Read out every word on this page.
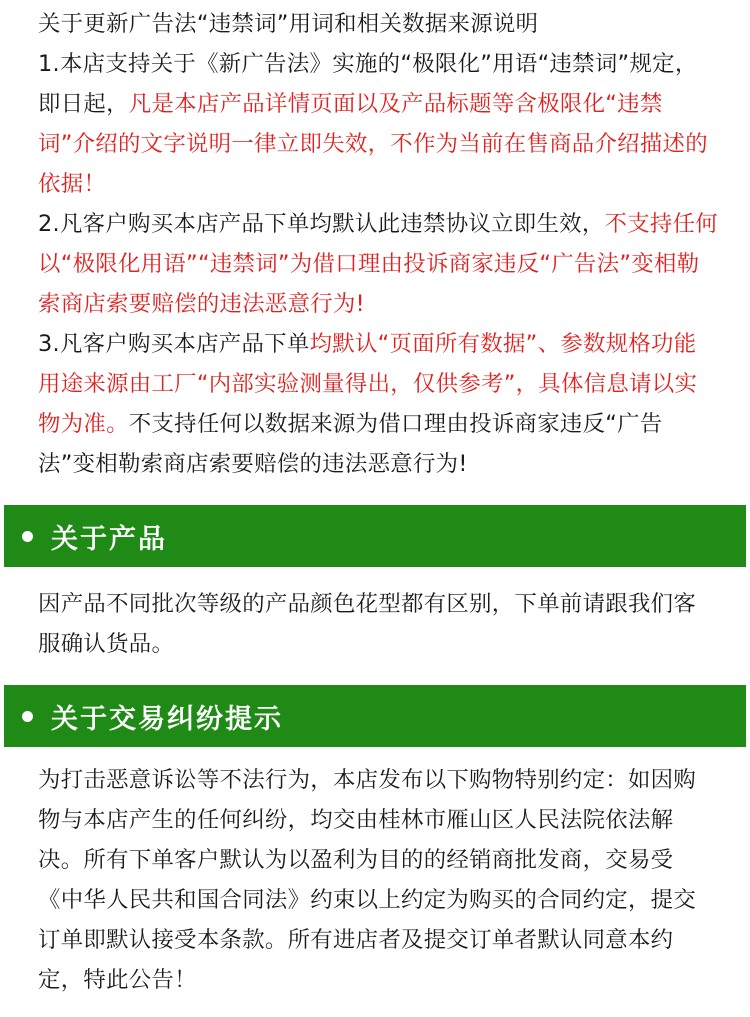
关于更新广告法“违禁词”用词和相关数据来源说明

1.本店支持关于《新广告法》实施的“极限化”用语“违禁词”规定，即日起，凡是本店产品详情页面以及产品标题等含极限化“违禁词”介绍的文字说明一律立即失效，不作为当前在售商品介绍描述的依据！

2.凡客户购买本店产品下单均默认此违禁协议立即生效，不支持任何以“极限化用语”“违禁词”为借口理由投诉商家违反“广告法”变相勒索商店索要赔偿的违法恶意行为!

3.凡客户购买本店产品下单均默认“页面所有数据”、参数规格功能用途来源由工厂“内部实验测量得出，仅供参考”，具体信息请以实物为准。不支持任何以数据来源为借口理由投诉商家违反“广告法”变相勒索商店索要赔偿的违法恶意行为!

关于产品

因产品不同批次等级的产品颜色花型都有区别，下单前请跟我们客服确认货品。

关于交易纠纷提示

为打击恶意诉讼等不法行为，本店发布以下购物特别约定：如因购物与本店产生的任何纠纷，均交由桂林市雁山区人民法院依法解决。所有下单客户默认为以盈利为目的的经销商批发商，交易受《中华人民共和国合同法》约束以上约定为购买的合同约定，提交订单即默认接受本条款。所有进店者及提交订单者默认同意本约定，特此公告！
